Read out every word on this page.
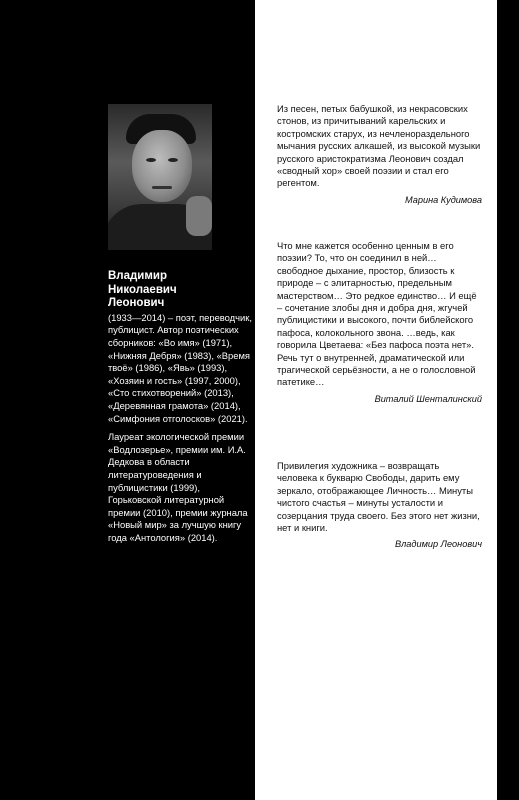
Владимир
Николаевич
Леонович

(1933—2014) – поэт, переводчик, публицист. Автор поэтических сборников: «Во имя» (1971), «Нижняя Дебря» (1983), «Время твоё» (1986), «Явь» (1993), «Хозяин и гость» (1997, 2000), «Сто стихотворений» (2013), «Деревянная грамота» (2014), «Симфония отголосков» (2021).

Лауреат экологической премии «Водлозерье», премии им. И.А. Дедкова в области литературоведения и публицистики (1999), Горьковской литературной премии (2010), премии журнала «Новый мир» за лучшую книгу года «Антология» (2014).

Из песен, петых бабушкой, из некрасовских стонов, из причитываний карельских и костромских старух, из нечленораздельного мычания русских алкашей, из высокой музыки русского аристократизма Леонович создал «сводный хор» своей поэзии и стал его регентом.

Марина Кудимова

Что мне кажется особенно ценным в его поэзии? То, что он соединил в ней… свободное дыхание, простор, близость к природе – с элитарностью, предельным мастерством… Это редкое единство… И ещё – сочетание злобы дня и добра дня, жгучей публицистики и высокого, почти библейского пафоса, колокольного звона. …ведь, как говорила Цветаева: «Без пафоса поэта нет». Речь тут о внутренней, драматической или трагической серьёзности, а не о голословной патетике…

Виталий Шенталинский

Привилегия художника – возвращать человека к букварю Свободы, дарить ему зеркало, отображающее Личность… Минуты чистого счастья – минуты усталости и созерцания труда своего. Без этого нет жизни, нет и книги.

Владимир Леонович
